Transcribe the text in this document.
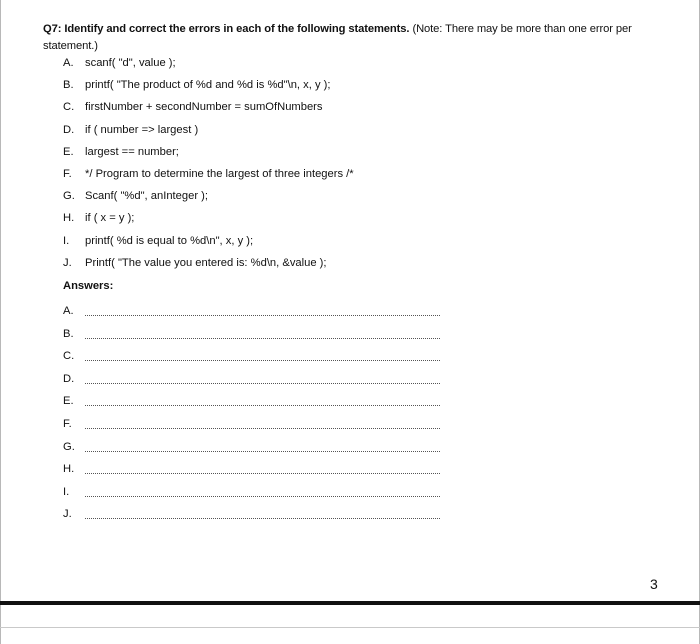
Q7: Identify and correct the errors in each of the following statements. (Note: There may be more than one error per statement.)
A.	scanf( "d", value );
B.	printf( "The product of %d and %d is %d"\n, x, y );
C. firstNumber + secondNumber = sumOfNumbers
D. if ( number => largest )
E.	largest == number;
F.	*/ Program to determine the largest of three integers /*
G. Scanf( "%d", anInteger );
H. if ( x = y );
I.	printf( %d is equal to %d\n", x, y );
J.	Printf( "The value you entered is: %d\n, &value );
Answers:
A.
B.
C.
D.
E.
F.
G.
H.
I.
J.
3
